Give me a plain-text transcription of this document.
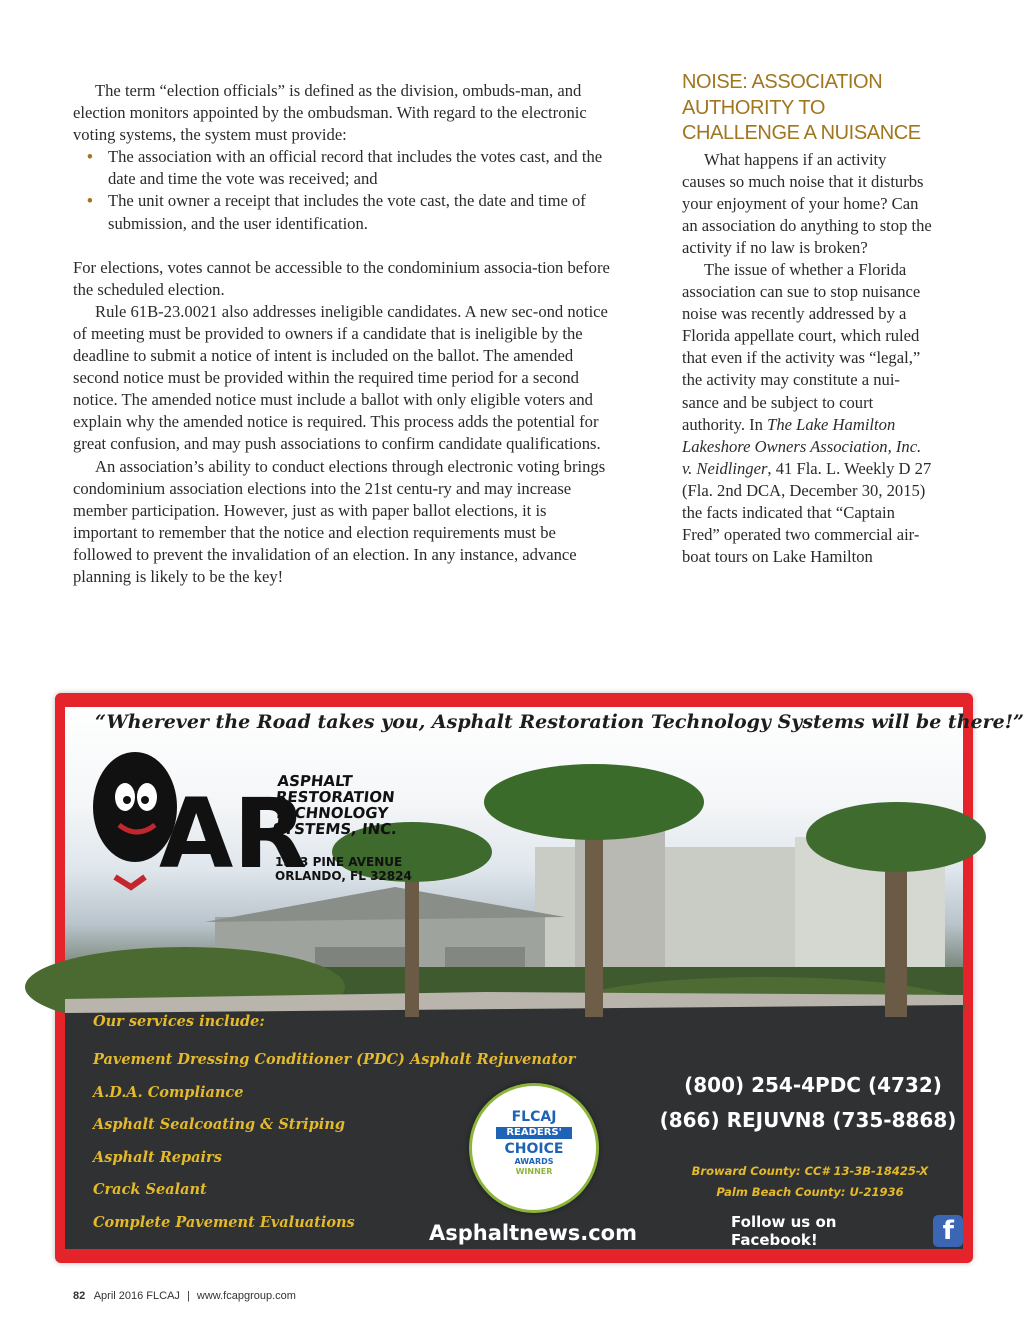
The term “election officials” is defined as the division, ombuds-man, and election monitors appointed by the ombudsman. With regard to the electronic voting systems, the system must provide:

• The association with an official record that includes the votes cast, and the date and time the vote was received; and
• The unit owner a receipt that includes the vote cast, the date and time of submission, and the user identification.

For elections, votes cannot be accessible to the condominium associa-tion before the scheduled election.

Rule 61B-23.0021 also addresses ineligible candidates. A new sec-ond notice of meeting must be provided to owners if a candidate that is ineligible by the deadline to submit a notice of intent is included on the ballot. The amended second notice must be provided within the required time period for a second notice. The amended notice must include a ballot with only eligible voters and explain why the amended notice is required. This process adds the potential for great confusion, and may push associations to confirm candidate qualifications.

An association’s ability to conduct elections through electronic voting brings condominium association elections into the 21st centu-ry and may increase member participation. However, just as with paper ballot elections, it is important to remember that the notice and election requirements must be followed to prevent the invalidation of an election. In any instance, advance planning is likely to be the key!

NOISE: ASSOCIATION
AUTHORITY TO
CHALLENGE A NUISANCE

What happens if an activity causes so much noise that it disturbs your enjoyment of your home? Can an association do anything to stop the activity if no law is broken?

The issue of whether a Florida association can sue to stop nuisance noise was recently addressed by a Florida appellate court, which ruled that even if the activity was “legal,” the activity may constitute a nui-sance and be subject to court authority. In The Lake Hamilton Lakeshore Owners Association, Inc. v. Neidlinger, 41 Fla. L. Weekly D 27 (Fla. 2nd DCA, December 30, 2015) the facts indicated that “Captain Fred” operated two commercial air-boat tours on Lake Hamilton

“Wherever the Road takes you, Asphalt Restoration Technology Systems will be there!”
AR
ASPHALT
RESTORATION
TECHNOLOGY
SYSTEMS, INC.
1523 PINE AVENUE
ORLANDO, FL 32824
Our services include:
Pavement Dressing Conditioner (PDC) Asphalt Rejuvenator
A.D.A. Compliance
Asphalt Sealcoating & Striping
Asphalt Repairs
Crack Sealant
Complete Pavement Evaluations
FLCAJ
READERS'
CHOICE
AWARDS
WINNER
Asphaltnews.com
(800) 254-4PDC (4732)
(866) REJUVN8 (735-8868)
Broward County: CC# 13-3B-18425-X
Palm Beach County: U-21936
Follow us on Facebook!	f
82 April 2016 FLCAJ | www.fcapgroup.com
